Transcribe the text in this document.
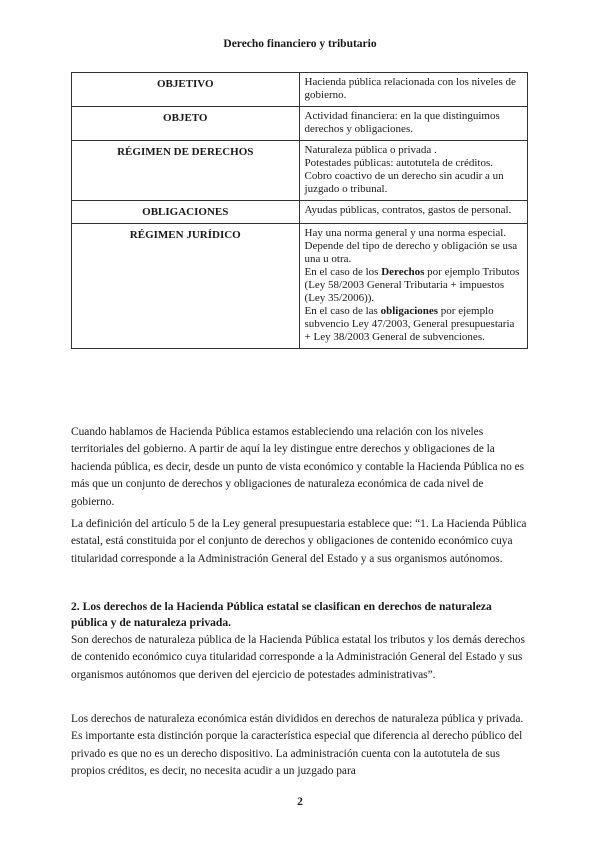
Derecho financiero y tributario
OBJETIVO	Hacienda pública relacionada con los niveles de gobierno.
OBJETO	Actividad financiera: en la que distinguimos derechos y obligaciones.
RÉGIMEN DE DERECHOS	Naturaleza pública o privada .
Potestades públicas: autotutela de créditos.
Cobro coactivo de un derecho sin acudir a un juzgado o tribunal.

OBLIGACIONES	Ayudas públicas, contratos, gastos de personal.
RÉGIMEN JURÍDICO	Hay una norma general y una norma especial. Depende del tipo de derecho y obligación se usa una u otra.
En el caso de los Derechos por ejemplo Tributos (Ley 58/2003 General Tributaria + impuestos (Ley 35/2006)).
En el caso de las obligaciones por ejemplo subvencio Ley 47/2003, General presupuestaria + Ley 38/2003 General de subvenciones.

Cuando hablamos de Hacienda Pública estamos estableciendo una relación con los niveles territoriales del gobierno. A partir de aquí la ley distingue entre derechos y obligaciones de la hacienda pública, es decir, desde un punto de vista económico y contable la Hacienda Pública no es más que un conjunto de derechos y obligaciones de naturaleza económica de cada nivel de gobierno.

La definición del artículo 5 de la Ley general presupuestaria establece que: “1. La Hacienda Pública estatal, está constituida por el conjunto de derechos y obligaciones de contenido económico cuya titularidad corresponde a la Administración General del Estado y a sus organismos autónomos.

2. Los derechos de la Hacienda Pública estatal se clasifican en derechos de naturaleza pública y de naturaleza privada.

Son derechos de naturaleza pública de la Hacienda Pública estatal los tributos y los demás derechos de contenido económico cuya titularidad corresponde a la Administración General del Estado y sus organismos autónomos que deriven del ejercicio de potestades administrativas”.

Los derechos de naturaleza económica están divididos en derechos de naturaleza pública y privada. Es importante esta distinción porque la característica especial que diferencia al derecho público del privado es que no es un derecho dispositivo. La administración cuenta con la autotutela de sus propios créditos, es decir, no necesita acudir a un juzgado para

2
